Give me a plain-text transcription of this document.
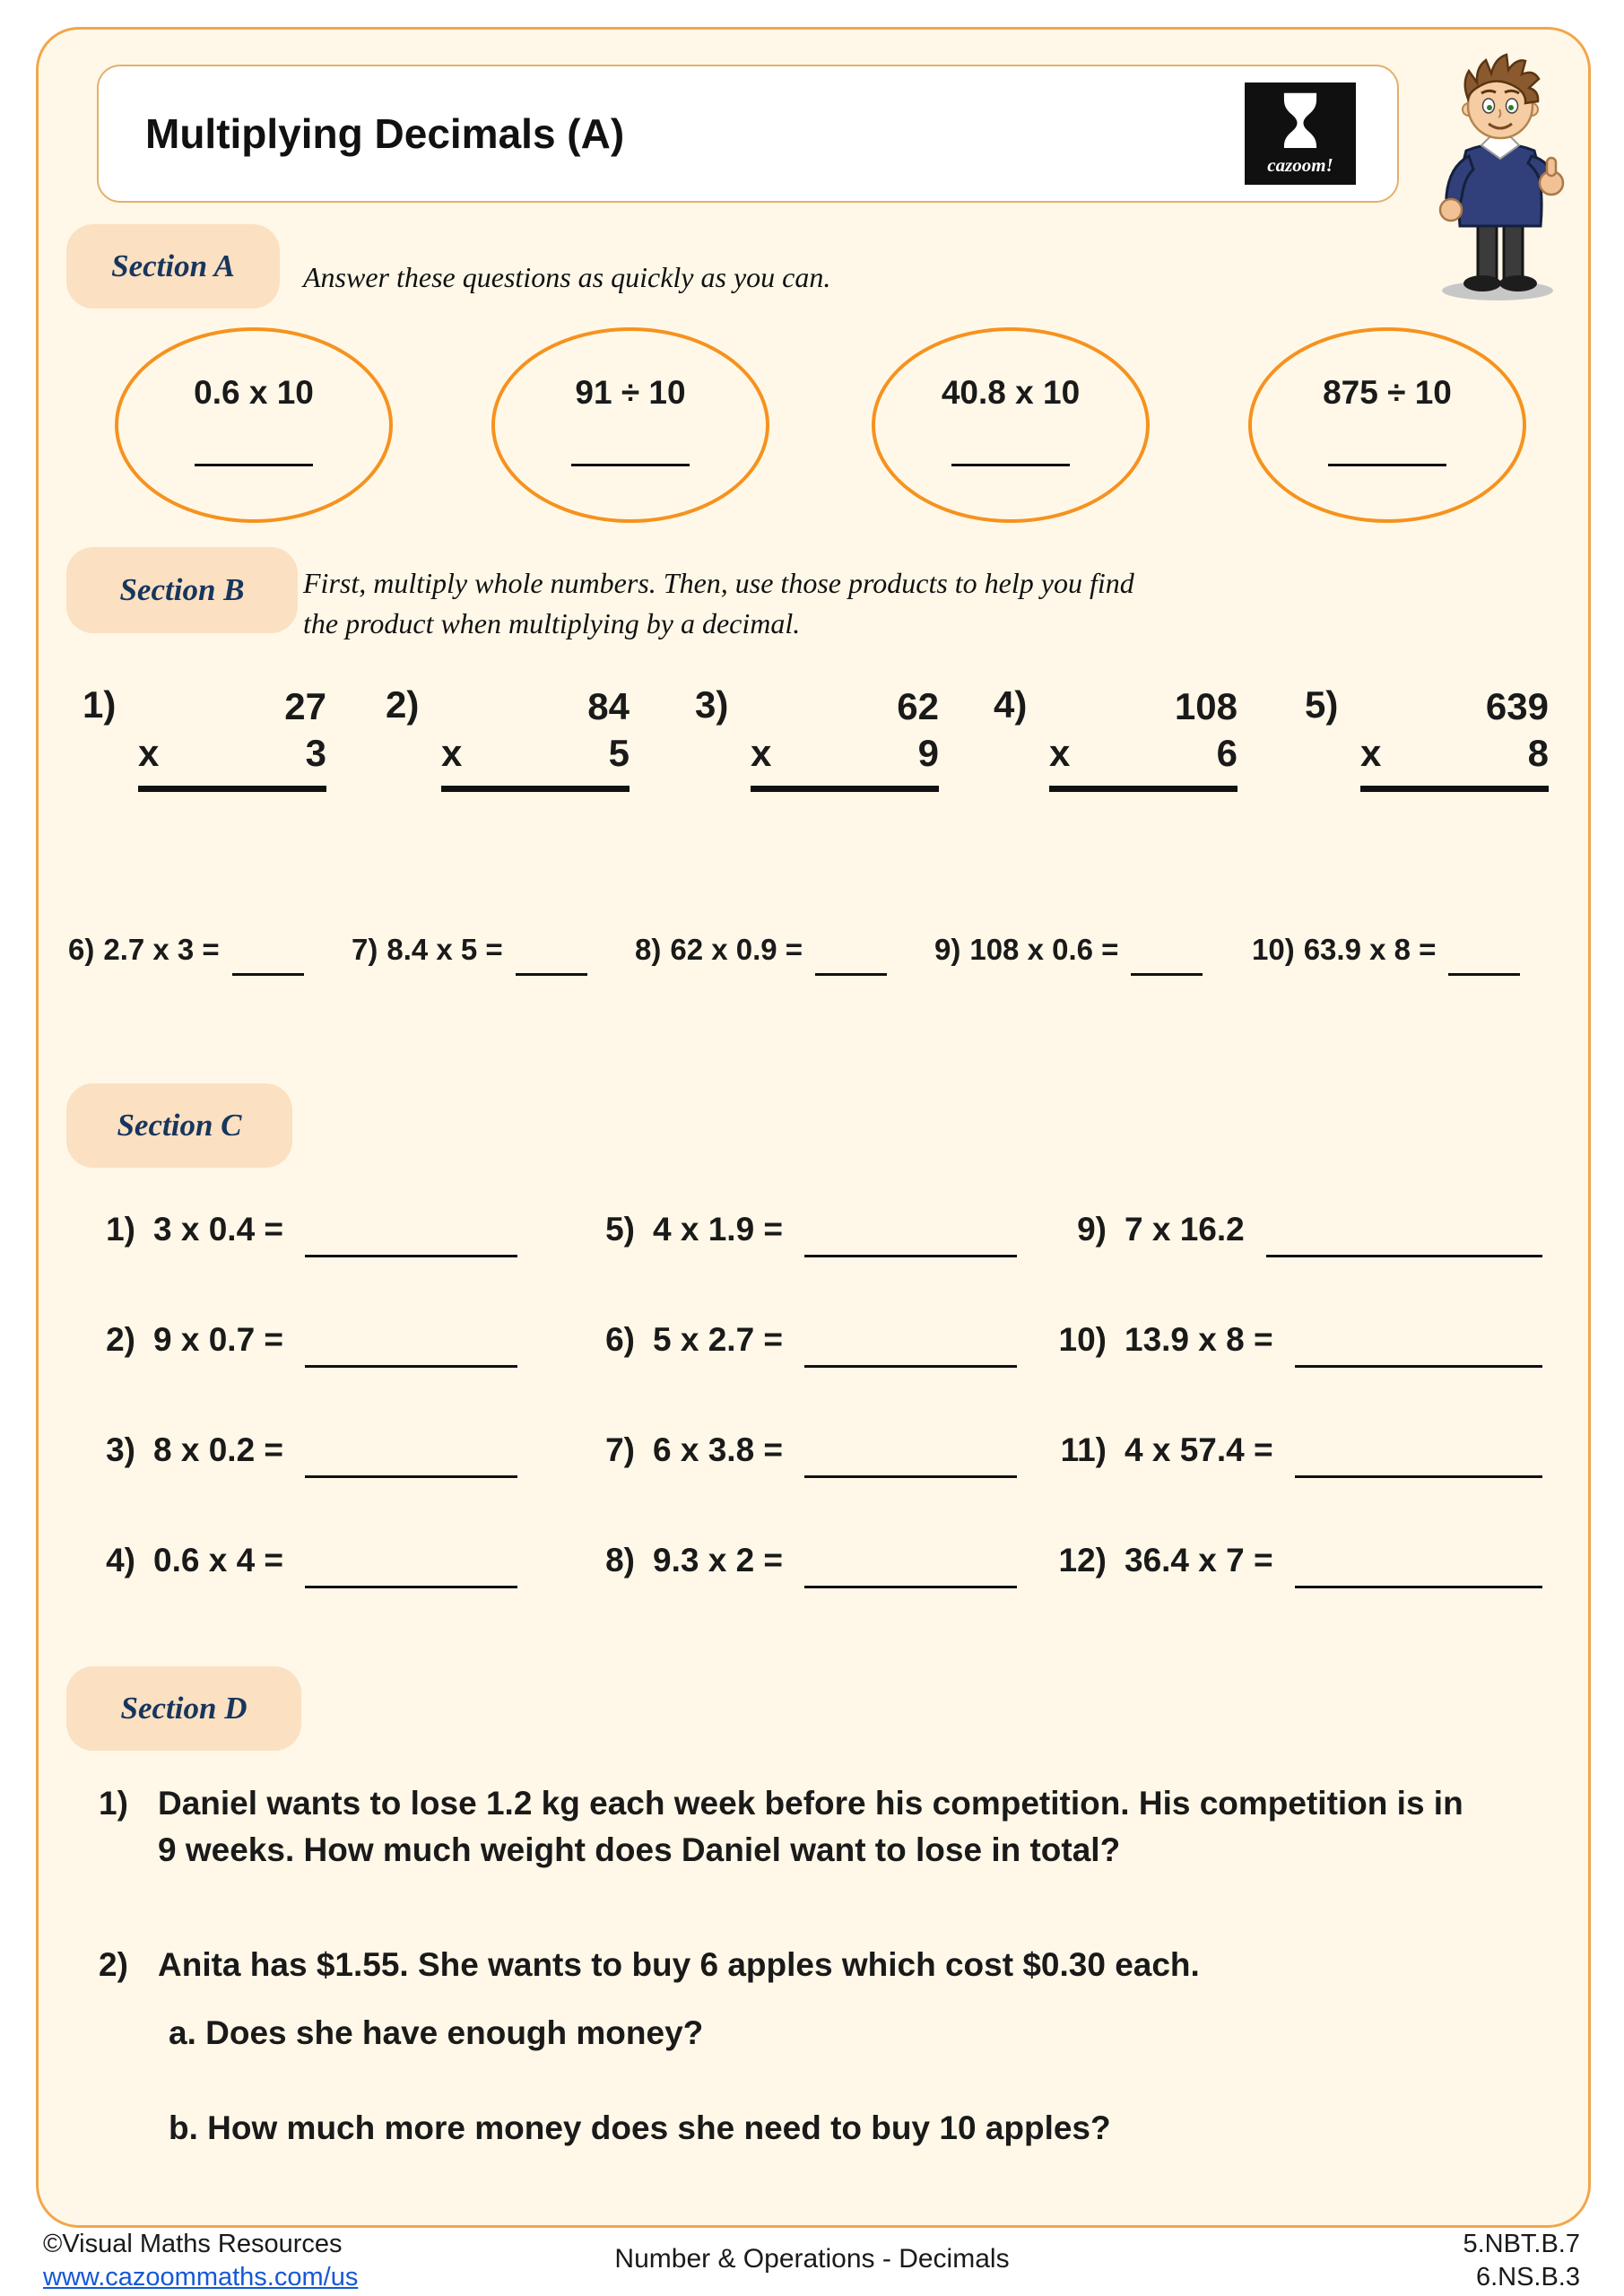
Multiplying Decimals (A)
cazoom!
Section A Answer these questions as quickly as you can.
0.6 x 10	91 ÷ 10	40.8 x 10	875 ÷ 10
Section B First, multiply whole numbers. Then, use those products to help you find
the product when multiplying by a decimal.
1)	27
x	3
2)	84
x	5
3)	62
x	9
4)	108
x	6
5)	639
x	8
6) 2.7 x 3 =	7) 8.4 x 5 =	8) 62 x 0.9 =	9) 108 x 0.6 =	10) 63.9 x 8 =
Section C
1) 3 x 0.4 =
2) 9 x 0.7 =
3) 8 x 0.2 =
4) 0.6 x 4 =
5) 4 x 1.9 =
6) 5 x 2.7 =
7) 6 x 3.8 =
8) 9.3 x 2 =
9) 7 x 16.2
10) 13.9 x 8 =
11) 4 x 57.4 =
12) 36.4 x 7 =
Section D
1) Daniel wants to lose 1.2 kg each week before his competition. His competition is in 9 weeks. How much weight does Daniel want to lose in total?
2) Anita has $1.55. She wants to buy 6 apples which cost $0.30 each.
a. Does she have enough money?
b. How much more money does she need to buy 10 apples?
©Visual Maths Resources
www.cazoommaths.com/us
Number & Operations - Decimals	5.NBT.B.7
6.NS.B.3
